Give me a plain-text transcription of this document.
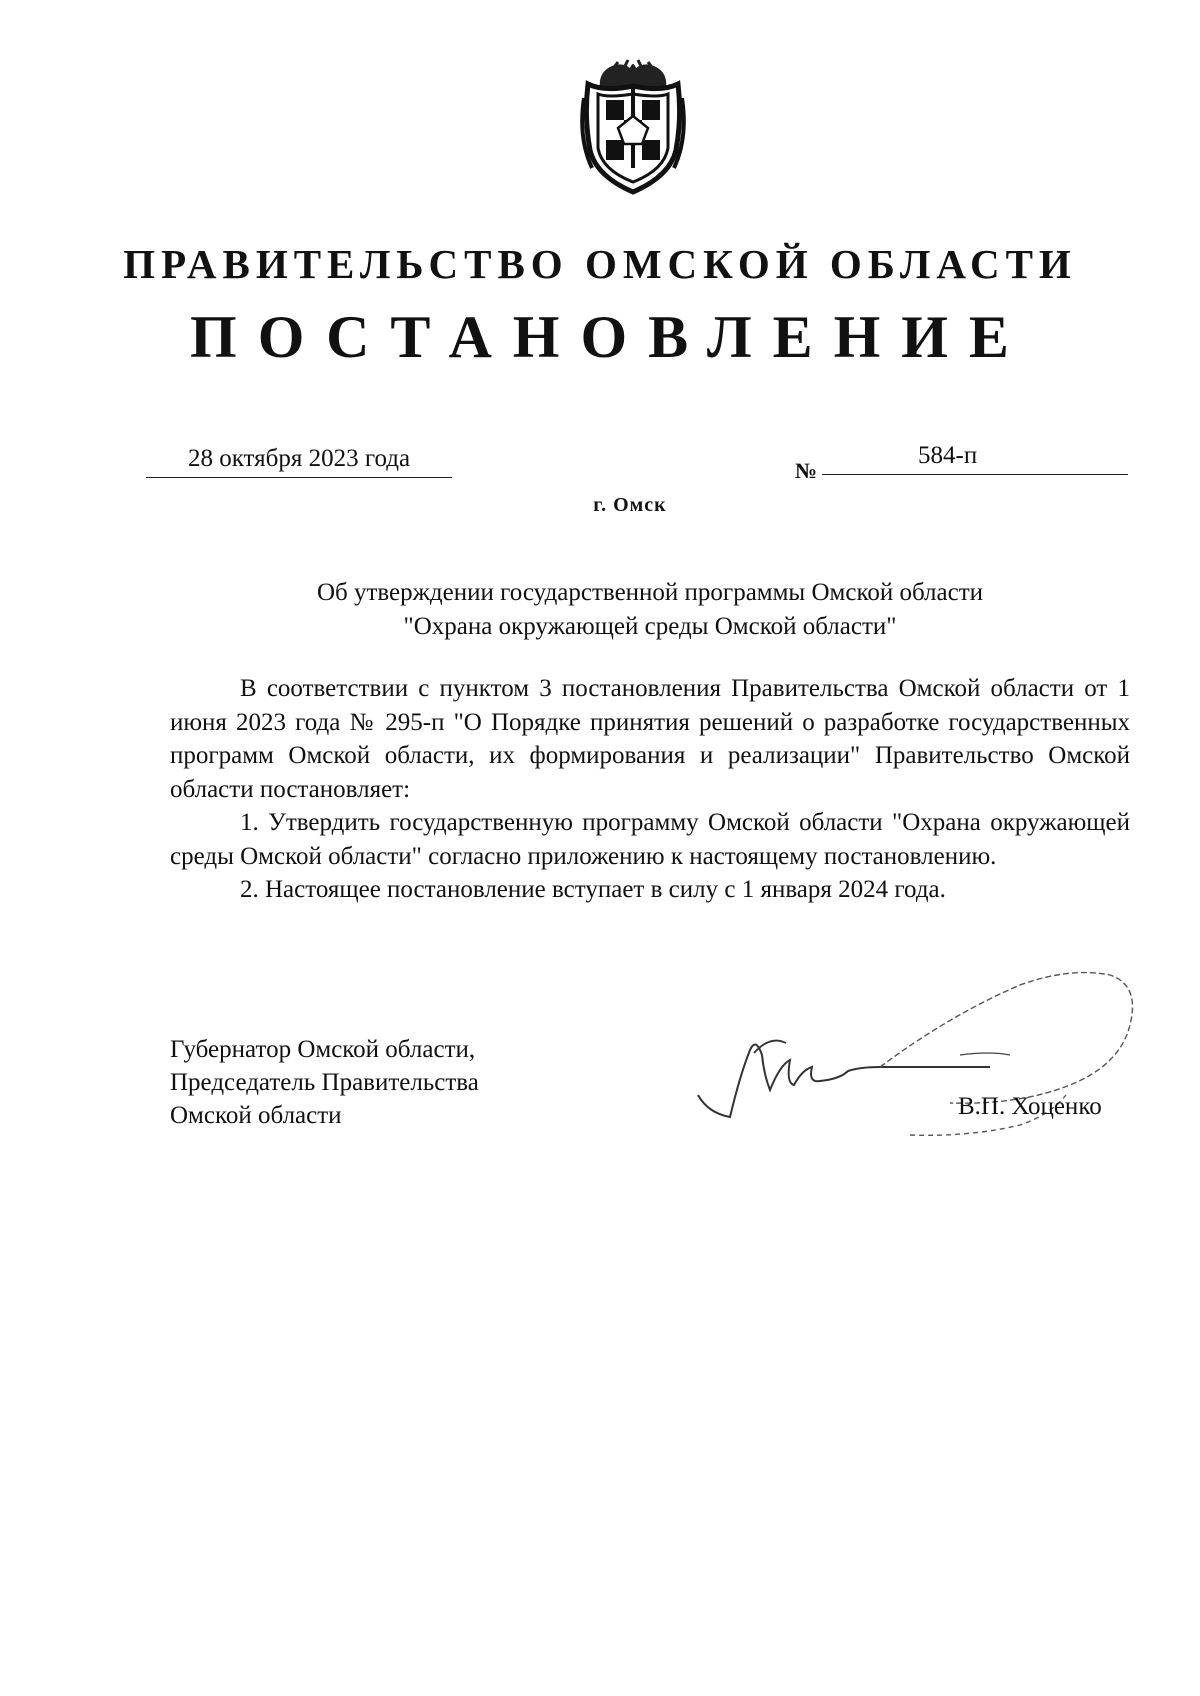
ПРАВИТЕЛЬСТВО ОМСКОЙ ОБЛАСТИ
ПОСТАНОВЛЕНИЕ
28 октября 2023 года	№
584-п
г. Омск
Об утверждении государственной программы Омской области
"Охрана окружающей среды Омской области"

В соответствии с пунктом 3 постановления Правительства Омской области от 1 июня 2023 года № 295-п "О Порядке принятия решений о разработке государственных программ Омской области, их формирования и реализации" Правительство Омской области постановляет:

1. Утвердить государственную программу Омской области "Охрана окружающей среды Омской области" согласно приложению к настоящему постановлению.

2. Настоящее постановление вступает в силу с 1 января 2024 года.

Губернатор Омской области,
Председатель Правительства
Омской области	В.П. Хоценко
